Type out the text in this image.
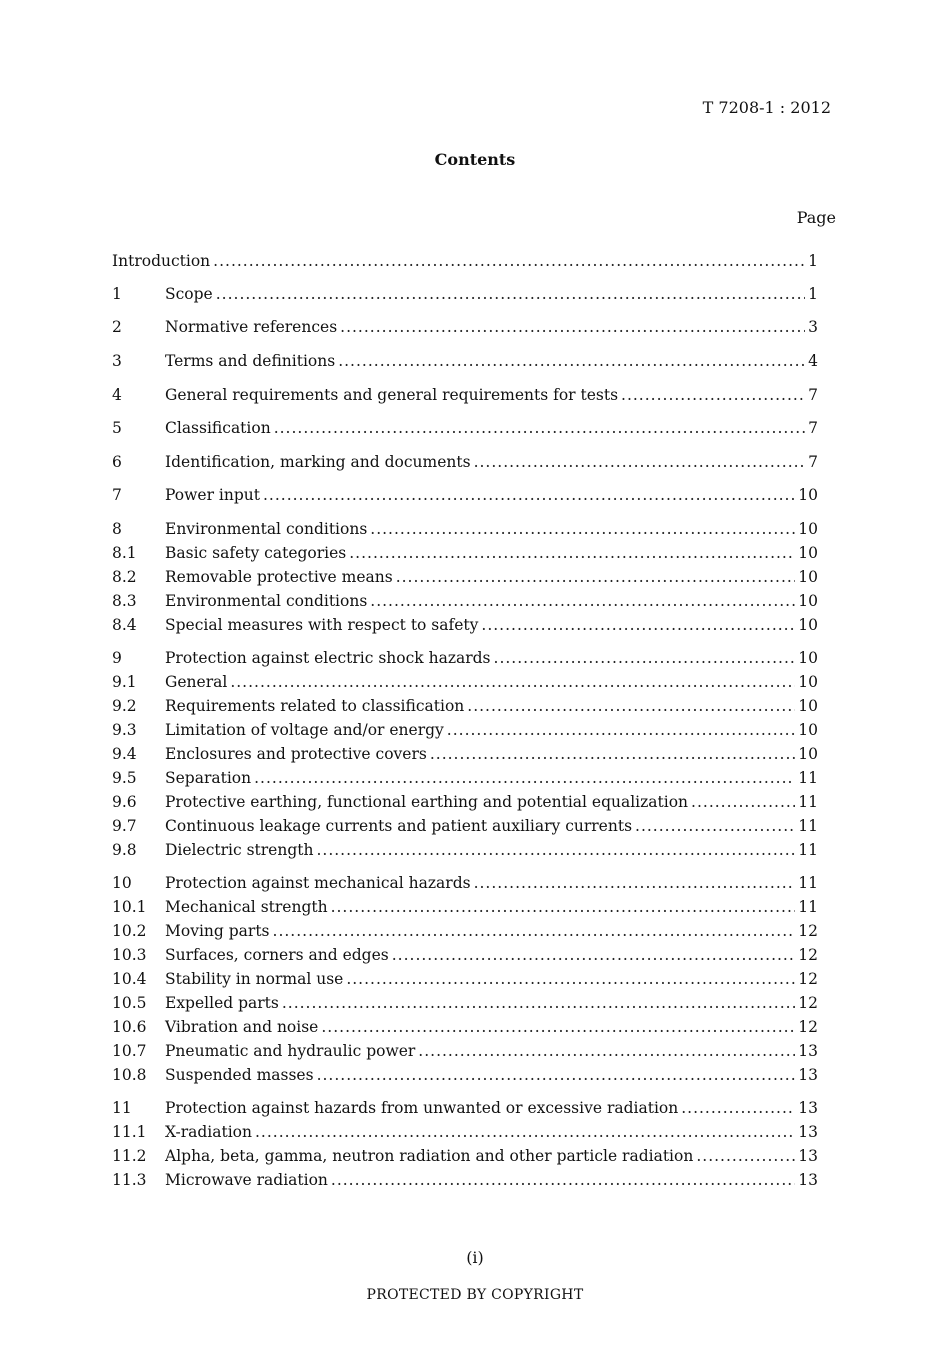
T 7208-1 : 2012
Contents
Page
Introduction .....	1
1	Scope .....	1
2	Normative references .....	3
3	Terms and definitions .....	4
4	General requirements and general requirements for tests .....	7
5	Classification .....	7
6	Identification, marking and documents .....	7
7	Power input .....	10
8	Environmental conditions .....	10
8.1	Basic safety categories .....	10
8.2	Removable protective means .....	10
8.3	Environmental conditions .....	10
8.4	Special measures with respect to safety .....	10
9	Protection against electric shock hazards .....	10
9.1	General .....	10
9.2	Requirements related to classification .....	10
9.3	Limitation of voltage and/or energy .....	10
9.4	Enclosures and protective covers .....	10
9.5	Separation .....	11
9.6	Protective earthing, functional earthing and potential equalization .....	11
9.7	Continuous leakage currents and patient auxiliary currents .....	11
9.8	Dielectric strength .....	11
10	Protection against mechanical hazards .....	11
10.1	Mechanical strength .....	11
10.2	Moving parts .....	12
10.3	Surfaces, corners and edges .....	12
10.4	Stability in normal use .....	12
10.5	Expelled parts .....	12
10.6	Vibration and noise .....	12
10.7	Pneumatic and hydraulic power .....	13
10.8	Suspended masses .....	13
11	Protection against hazards from unwanted or excessive radiation .....	13
11.1	X-radiation .....	13
11.2	Alpha, beta, gamma, neutron radiation and other particle radiation .....	13
11.3	Microwave radiation .....	13
(i)
PROTECTED BY COPYRIGHT
